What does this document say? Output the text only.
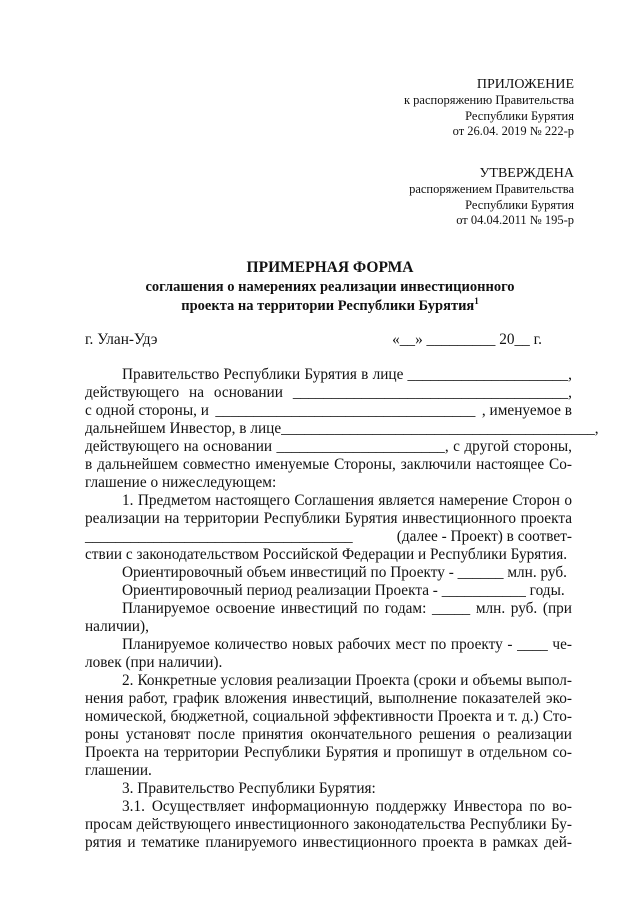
ПРИЛОЖЕНИЕ
к распоряжению Правительства
Республики Бурятия
от 26.04. 2019 № 222-р
УТВЕРЖДЕНА
распоряжением Правительства
Республики Бурятия
от 04.04.2011 № 195-р
ПРИМЕРНАЯ ФОРМА
соглашения о намерениях реализации инвестиционного
проекта на территории Республики Бурятия$^1$
г. Улан-Удэ	«__» _________ 20__ г.
Правительство Республики Бурятия в лице _____________________,
действующего на основании ____________________________________,
с одной стороны, и __________________________________ , именуемое в
дальнейшем Инвестор, в лице_____ ____________________________________,
действующего на основании ______________________, с другой стороны,
в дальнейшем совместно именуемые Стороны, заключили настоящее Со-
глашение о нижеследующем:
1. Предметом настоящего Соглашения является намерение Сторон о
реализации на территории Республики Бурятия инвестиционного проекта
___________________________________	(далее - Проект) в соответ-
ствии с законодательством Российской Федерации и Республики Бурятия.
Ориентировочный объем инвестиций по Проекту - ______ млн. руб.
Ориентировочный период реализации Проекта - ___________ годы.
Планируемое освоение инвестиций по годам: _____ млн. руб. (при
наличии),
Планируемое количество новых рабочих мест по проекту - ____ че-
ловек (при наличии).
2. Конкретные условия реализации Проекта (сроки и объемы выпол-
нения работ, график вложения инвестиций, выполнение показателей эко-
номической, бюджетной, социальной эффективности Проекта и т. д.) Сто-
роны установят после принятия окончательного решения о реализации
Проекта на территории Республики Бурятия и пропишут в отдельном со-
глашении.
3. Правительство Республики Бурятия:
3.1. Осуществляет информационную поддержку Инвестора по во-
просам действующего инвестиционного законодательства Республики Бу-
рятия и тематике планируемого инвестиционного проекта в рамках дей-
